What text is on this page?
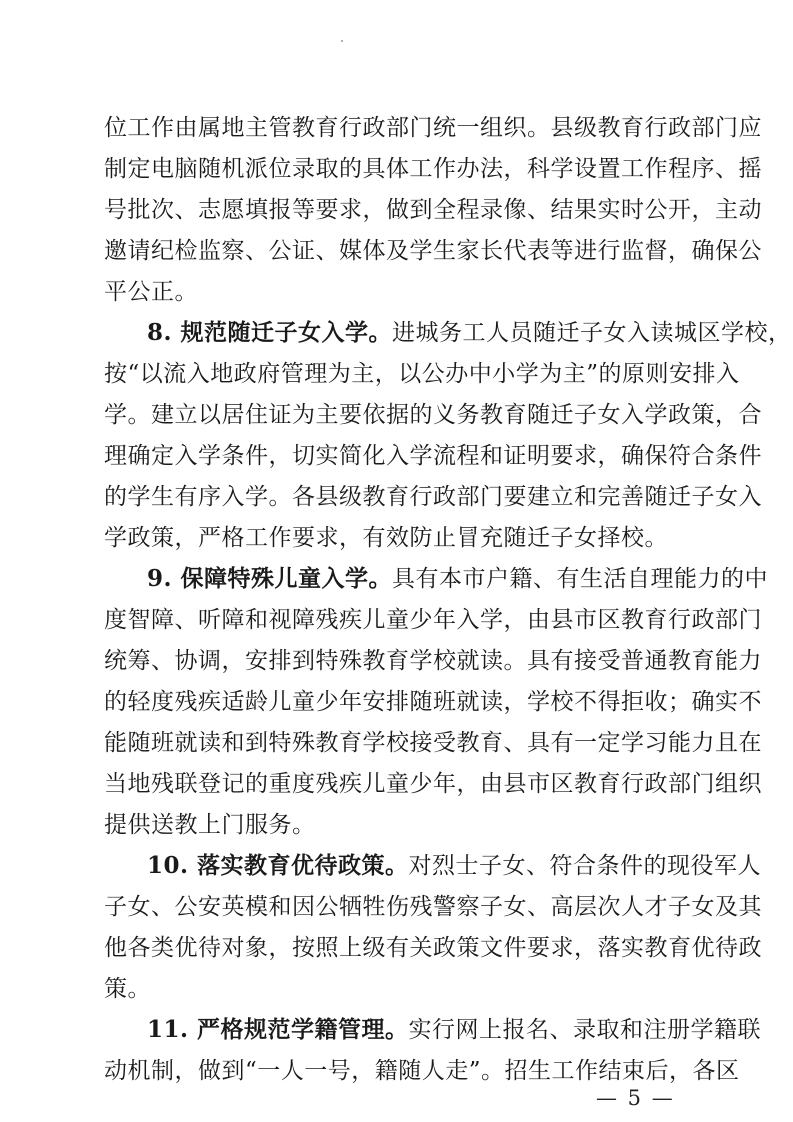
位工作由属地主管教育行政部门统一组织。县级教育行政部门应
制定电脑随机派位录取的具体工作办法，科学设置工作程序、摇
号批次、志愿填报等要求，做到全程录像、结果实时公开，主动
邀请纪检监察、公证、媒体及学生家长代表等进行监督，确保公
平公正。
8. 规范随迁子女入学。进城务工人员随迁子女入读城区学校，
按“以流入地政府管理为主，以公办中小学为主”的原则安排入
学。建立以居住证为主要依据的义务教育随迁子女入学政策，合
理确定入学条件，切实简化入学流程和证明要求，确保符合条件
的学生有序入学。各县级教育行政部门要建立和完善随迁子女入
学政策，严格工作要求，有效防止冒充随迁子女择校。
9. 保障特殊儿童入学。具有本市户籍、有生活自理能力的中
度智障、听障和视障残疾儿童少年入学，由县市区教育行政部门
统筹、协调，安排到特殊教育学校就读。具有接受普通教育能力
的轻度残疾适龄儿童少年安排随班就读，学校不得拒收；确实不
能随班就读和到特殊教育学校接受教育、具有一定学习能力且在
当地残联登记的重度残疾儿童少年，由县市区教育行政部门组织
提供送教上门服务。
10. 落实教育优待政策。对烈士子女、符合条件的现役军人
子女、公安英模和因公牺牲伤残警察子女、高层次人才子女及其
他各类优待对象，按照上级有关政策文件要求，落实教育优待政
策。
11. 严格规范学籍管理。实行网上报名、录取和注册学籍联
动机制，做到“一人一号，籍随人走”。招生工作结束后，各区
— 5 —
